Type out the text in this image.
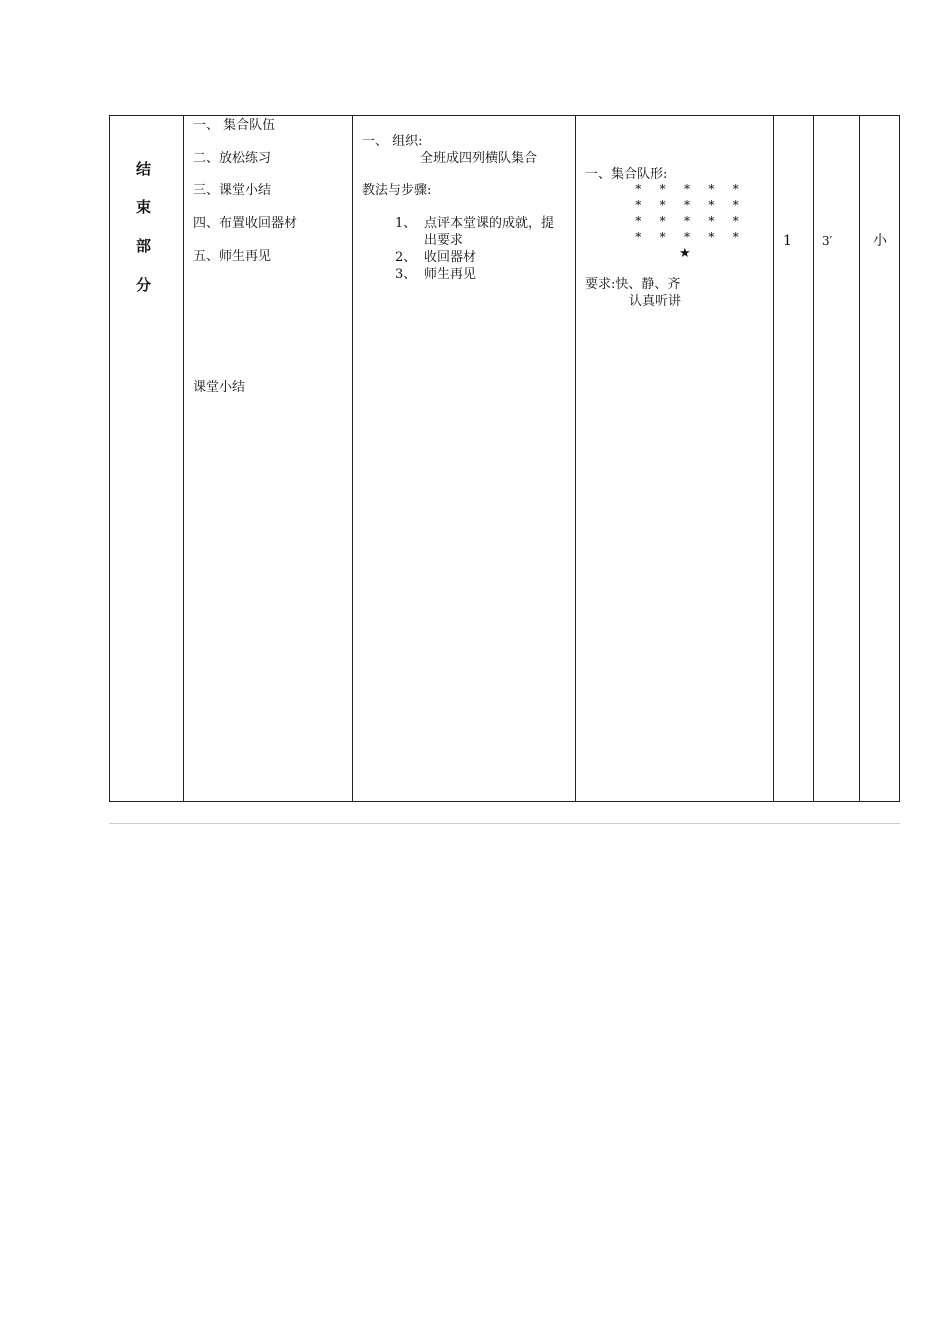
结
束
部
分
一、 集合队伍
二、放松练习
三、课堂小结
四、布置收回器材
五、师生再见
课堂小结
一、 组织:
全班成四列横队集合
教法与步骤:
1、 点评本堂课的成就，提
出要求
2、 收回器材
3、 师生再见
一、集合队形:
* * * * *
* * * * *
* * * * *
* * * * *
★
要求:快、静、齐
认真听讲
1	3′	小
